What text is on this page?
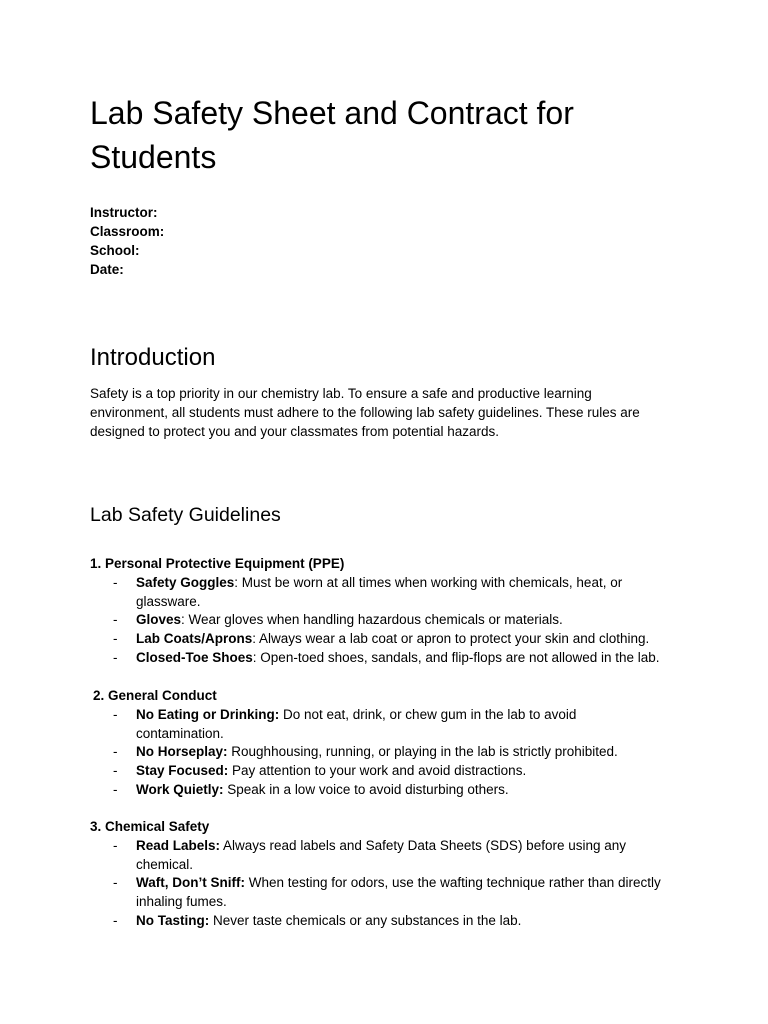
Lab Safety Sheet and Contract for
Students
Instructor:
Classroom:
School:
Date:
Introduction

Safety is a top priority in our chemistry lab. To ensure a safe and productive learning
environment, all students must adhere to the following lab safety guidelines. These rules are
designed to protect you and your classmates from potential hazards.

Lab Safety Guidelines
1. Personal Protective Equipment (PPE)
- Safety Goggles: Must be worn at all times when working with chemicals, heat, or
glassware.
- Gloves: Wear gloves when handling hazardous chemicals or materials.
- Lab Coats/Aprons: Always wear a lab coat or apron to protect your skin and clothing.
- Closed-Toe Shoes: Open-toed shoes, sandals, and flip-flops are not allowed in the lab.
2. General Conduct
- No Eating or Drinking: Do not eat, drink, or chew gum in the lab to avoid
contamination.
- No Horseplay: Roughhousing, running, or playing in the lab is strictly prohibited.
- Stay Focused: Pay attention to your work and avoid distractions.
- Work Quietly: Speak in a low voice to avoid disturbing others.
3. Chemical Safety
- Read Labels: Always read labels and Safety Data Sheets (SDS) before using any
chemical.
- Waft, Don’t Sniff: When testing for odors, use the wafting technique rather than directly
inhaling fumes.
- No Tasting: Never taste chemicals or any substances in the lab.
